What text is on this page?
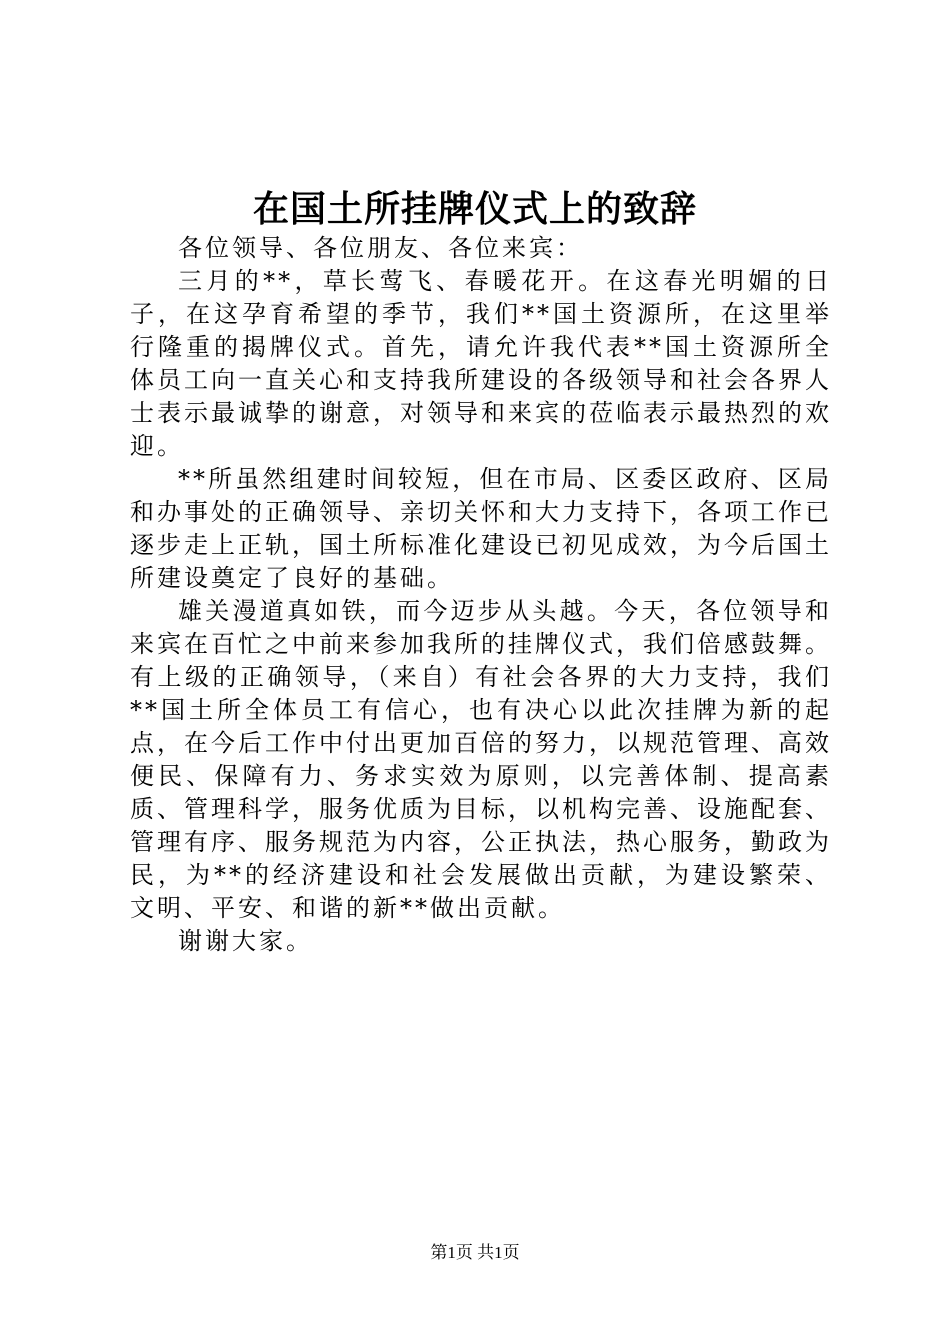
在国土所挂牌仪式上的致辞

各位领导、各位朋友、各位来宾：

三月的**，草长莺飞、春暖花开。在这春光明媚的日子，在这孕育希望的季节，我们**国土资源所，在这里举行隆重的揭牌仪式。首先，请允许我代表**国土资源所全体员工向一直关心和支持我所建设的各级领导和社会各界人士表示最诚挚的谢意，对领导和来宾的莅临表示最热烈的欢迎。

**所虽然组建时间较短，但在市局、区委区政府、区局和办事处的正确领导、亲切关怀和大力支持下，各项工作已逐步走上正轨，国土所标准化建设已初见成效，为今后国土所建设奠定了良好的基础。

雄关漫道真如铁，而今迈步从头越。今天，各位领导和来宾在百忙之中前来参加我所的挂牌仪式，我们倍感鼓舞。有上级的正确领导，（来自）有社会各界的大力支持，我们**国土所全体员工有信心，也有决心以此次挂牌为新的起点，在今后工作中付出更加百倍的努力，以规范管理、高效便民、保障有力、务求实效为原则，以完善体制、提高素质、管理科学，服务优质为目标，以机构完善、设施配套、管理有序、服务规范为内容，公正执法，热心服务，勤政为民，为**的经济建设和社会发展做出贡献，为建设繁荣、文明、平安、和谐的新**做出贡献。

谢谢大家。

第1页 共1页
